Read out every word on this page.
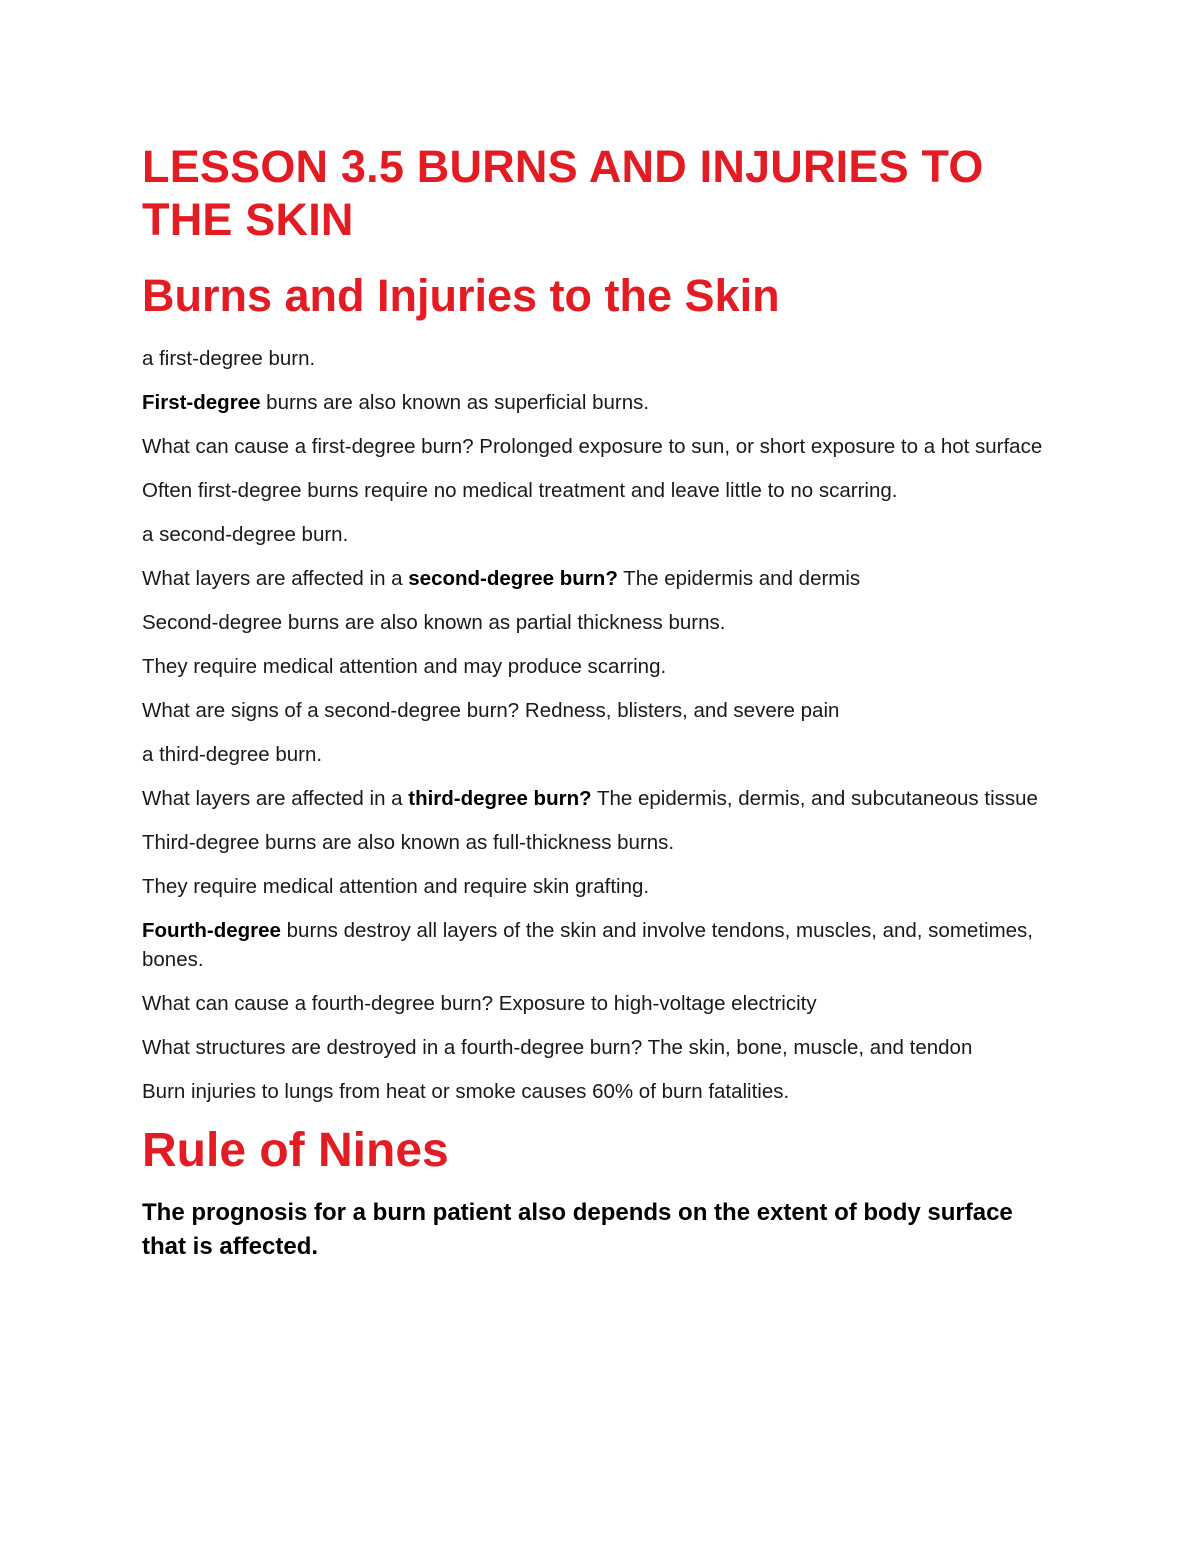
LESSON 3.5 BURNS AND INJURIES TO THE SKIN
Burns and Injuries to the Skin

a first-degree burn.

First-degree burns are also known as superficial burns.

What can cause a first-degree burn? Prolonged exposure to sun, or short exposure to a hot surface

Often first-degree burns require no medical treatment and leave little to no scarring.

a second-degree burn.

What layers are affected in a second-degree burn? The epidermis and dermis

Second-degree burns are also known as partial thickness burns.

They require medical attention and may produce scarring.

What are signs of a second-degree burn? Redness, blisters, and severe pain

a third-degree burn.

What layers are affected in a third-degree burn? The epidermis, dermis, and subcutaneous tissue

Third-degree burns are also known as full-thickness burns.

They require medical attention and require skin grafting.

Fourth-degree burns destroy all layers of the skin and involve tendons, muscles, and, sometimes, bones.

What can cause a fourth-degree burn? Exposure to high-voltage electricity

What structures are destroyed in a fourth-degree burn? The skin, bone, muscle, and tendon

Burn injuries to lungs from heat or smoke causes 60% of burn fatalities.

Rule of Nines

The prognosis for a burn patient also depends on the extent of body surface that is affected.
